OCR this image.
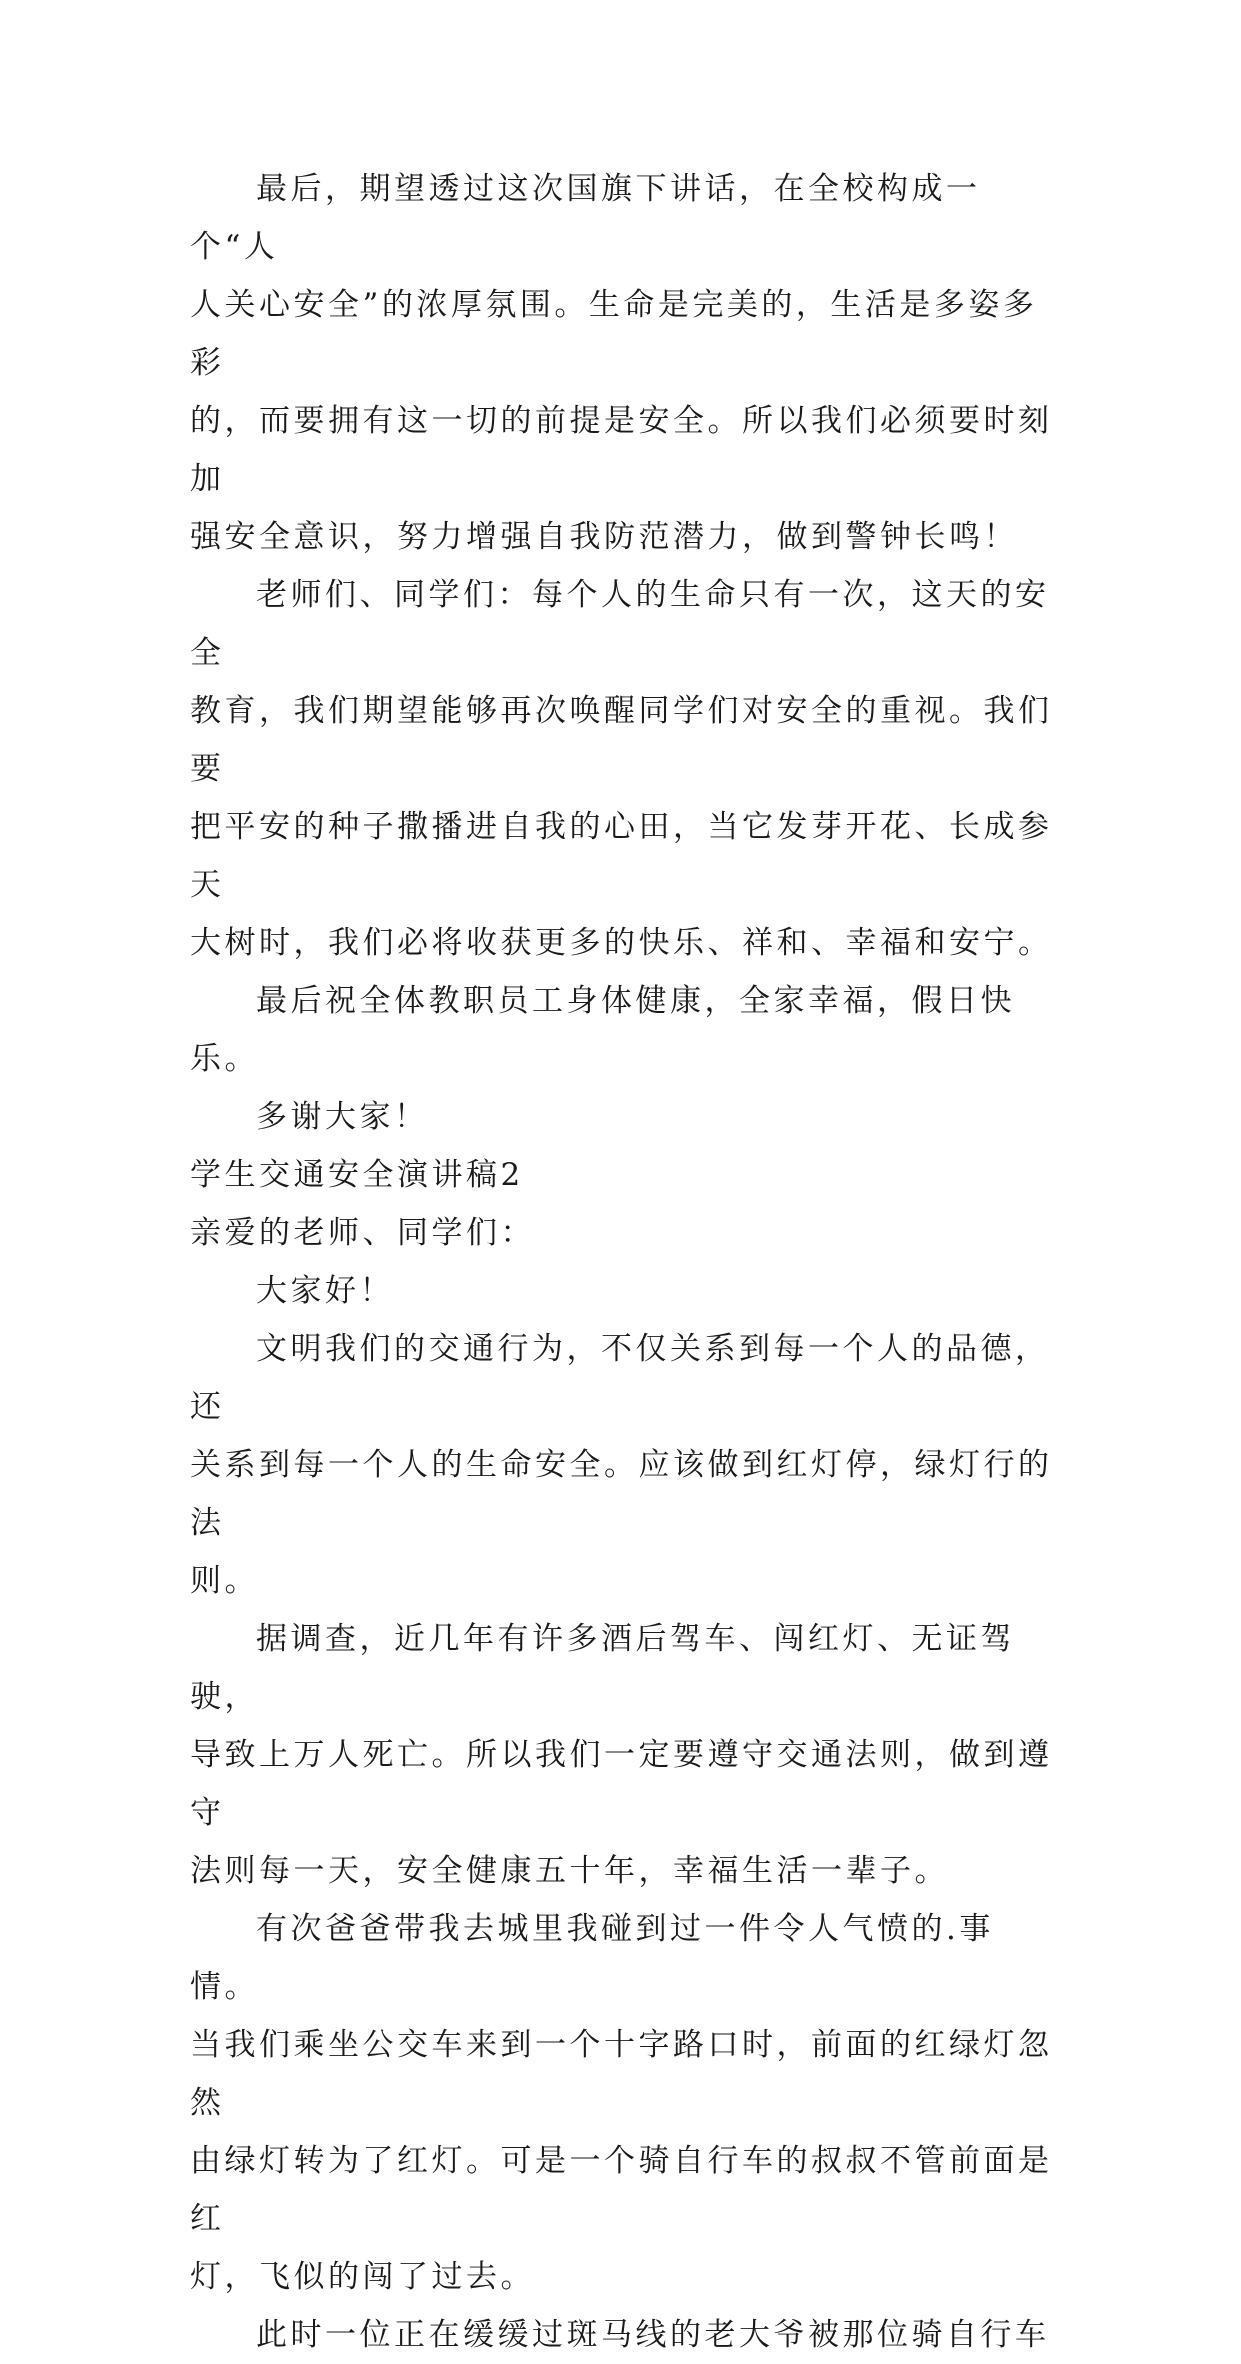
最后，期望透过这次国旗下讲话，在全校构成一个“人
人关心安全”的浓厚氛围。生命是完美的，生活是多姿多彩
的，而要拥有这一切的前提是安全。所以我们必须要时刻加
强安全意识，努力增强自我防范潜力，做到警钟长鸣！

老师们、同学们：每个人的生命只有一次，这天的安全
教育，我们期望能够再次唤醒同学们对安全的重视。我们要
把平安的种子撒播进自我的心田，当它发芽开花、长成参天
大树时，我们必将收获更多的快乐、祥和、幸福和安宁。

最后祝全体教职员工身体健康，全家幸福，假日快乐。

多谢大家！

学生交通安全演讲稿2

亲爱的老师、同学们：

大家好！

文明我们的交通行为，不仅关系到每一个人的品德，还
关系到每一个人的生命安全。应该做到红灯停，绿灯行的法
则。

据调查，近几年有许多酒后驾车、闯红灯、无证驾驶，
导致上万人死亡。所以我们一定要遵守交通法则，做到遵守
法则每一天，安全健康五十年，幸福生活一辈子。

有次爸爸带我去城里我碰到过一件令人气愤的.事情。
当我们乘坐公交车来到一个十字路口时，前面的红绿灯忽然
由绿灯转为了红灯。可是一个骑自行车的叔叔不管前面是红
灯，飞似的闯了过去。

此时一位正在缓缓过斑马线的老大爷被那位骑自行车
